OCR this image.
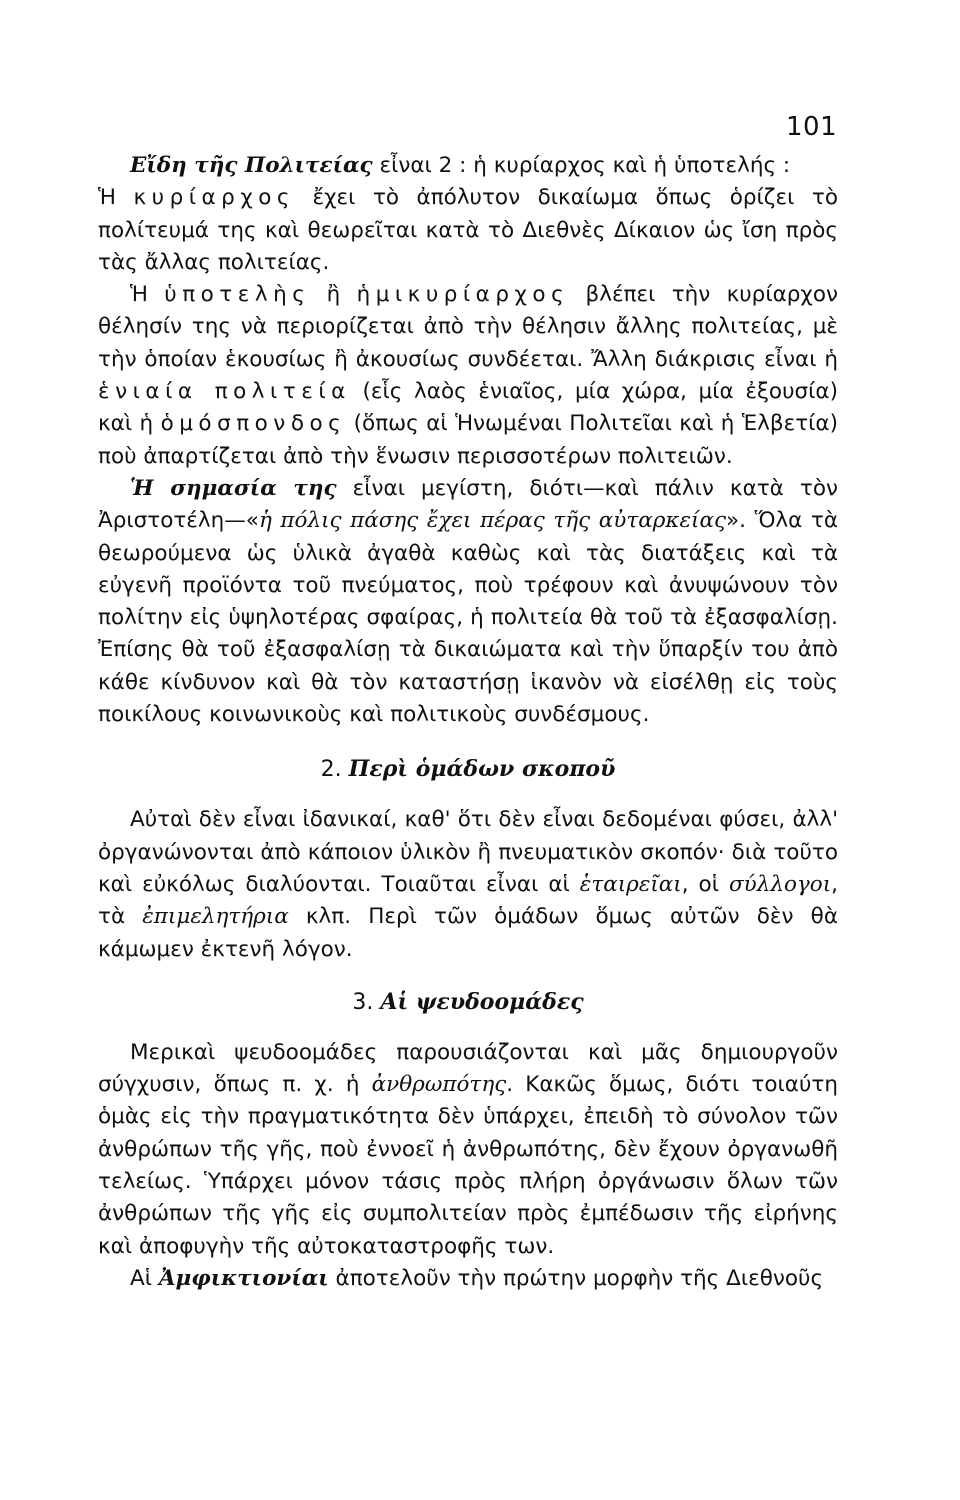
101

Εἴδη τῆς Πολιτείας εἶναι 2 : ἡ κυρίαρχος καὶ ἡ ὑποτελής :
Ἡ κυρίαρχος ἔχει τὸ ἀπόλυτον δικαίωμα ὅπως ὁρίζει τὸ πολίτευμά της καὶ θεωρεῖται κατὰ τὸ Διεθνὲς Δίκαιον ὡς ἴση πρὸς τὰς ἄλλας πολιτείας.

Ἡ ὑποτελὴς ἢ ἡμικυρίαρχος βλέπει τὴν κυρίαρχον θέλησίν της νὰ περιορίζεται ἀπὸ τὴν θέλησιν ἄλλης πολιτείας, μὲ τὴν ὁποίαν ἑκουσίως ἢ ἀκουσίως συνδέεται. Ἄλλη διάκρισις εἶναι ἡ ἑνιαία πολιτεία (εἷς λαὸς ἑνιαῖος, μία χώρα, μία ἐξουσία) καὶ ἡ ὁμόσπονδος (ὅπως αἱ Ἡνωμέναι Πολιτεῖαι καὶ ἡ Ἑλβετία) ποὺ ἀπαρτίζεται ἀπὸ τὴν ἕνωσιν περισσοτέρων πολιτειῶν.

Ἡ σημασία της εἶναι μεγίστη, διότι—καὶ πάλιν κατὰ τὸν Ἀριστοτέλη—«ἡ πόλις πάσης ἔχει πέρας τῆς αὐταρκείας». Ὅλα τὰ θεωρούμενα ὡς ὑλικὰ ἀγαθὰ καθὼς καὶ τὰς διατάξεις καὶ τὰ εὐγενῆ προϊόντα τοῦ πνεύματος, ποὺ τρέφουν καὶ ἀνυψώνουν τὸν πολίτην εἰς ὑψηλοτέρας σφαίρας, ἡ πολιτεία θὰ τοῦ τὰ ἐξασφαλίσῃ. Ἐπίσης θὰ τοῦ ἐξασφαλίσῃ τὰ δικαιώματα καὶ τὴν ὕπαρξίν του ἀπὸ κάθε κίνδυνον καὶ θὰ τὸν καταστήσῃ ἱκανὸν νὰ εἰσέλθῃ εἰς τοὺς ποικίλους κοινωνικοὺς καὶ πολιτικοὺς συνδέσμους.

2. Περὶ ὁμάδων σκοποῦ

Αὐταὶ δὲν εἶναι ἰδανικαί, καθ' ὅτι δὲν εἶναι δεδομέναι φύσει, ἀλλ' ὀργανώνονται ἀπὸ κάποιον ὑλικὸν ἢ πνευματικὸν σκοπόν· διὰ τοῦτο καὶ εὐκόλως διαλύονται. Τοιαῦται εἶναι αἱ ἑταιρεῖαι, οἱ σύλλογοι, τὰ ἐπιμελητήρια κλπ. Περὶ τῶν ὁμάδων ὅμως αὐτῶν δὲν θὰ κάμωμεν ἐκτενῆ λόγον.

3. Αἱ ψευδοομάδες

Μερικαὶ ψευδοομάδες παρουσιάζονται καὶ μᾶς δημιουργοῦν σύγχυσιν, ὅπως π. χ. ἡ ἀνθρωπότης. Κακῶς ὅμως, διότι τοιαύτη ὁμὰς εἰς τὴν πραγματικότητα δὲν ὑπάρχει, ἐπειδὴ τὸ σύνολον τῶν ἀνθρώπων τῆς γῆς, ποὺ ἐννοεῖ ἡ ἀνθρωπότης, δὲν ἔχουν ὀργανωθῆ τελείως. Ὑπάρχει μόνον τάσις πρὸς πλήρη ὀργάνωσιν ὅλων τῶν ἀνθρώπων τῆς γῆς εἰς συμπολιτείαν πρὸς ἐμπέδωσιν τῆς εἰρήνης καὶ ἀποφυγὴν τῆς αὐτοκαταστροφῆς των.

Αἱ Ἀμφικτιονίαι ἀποτελοῦν τὴν πρώτην μορφὴν τῆς Διεθνοῦς
